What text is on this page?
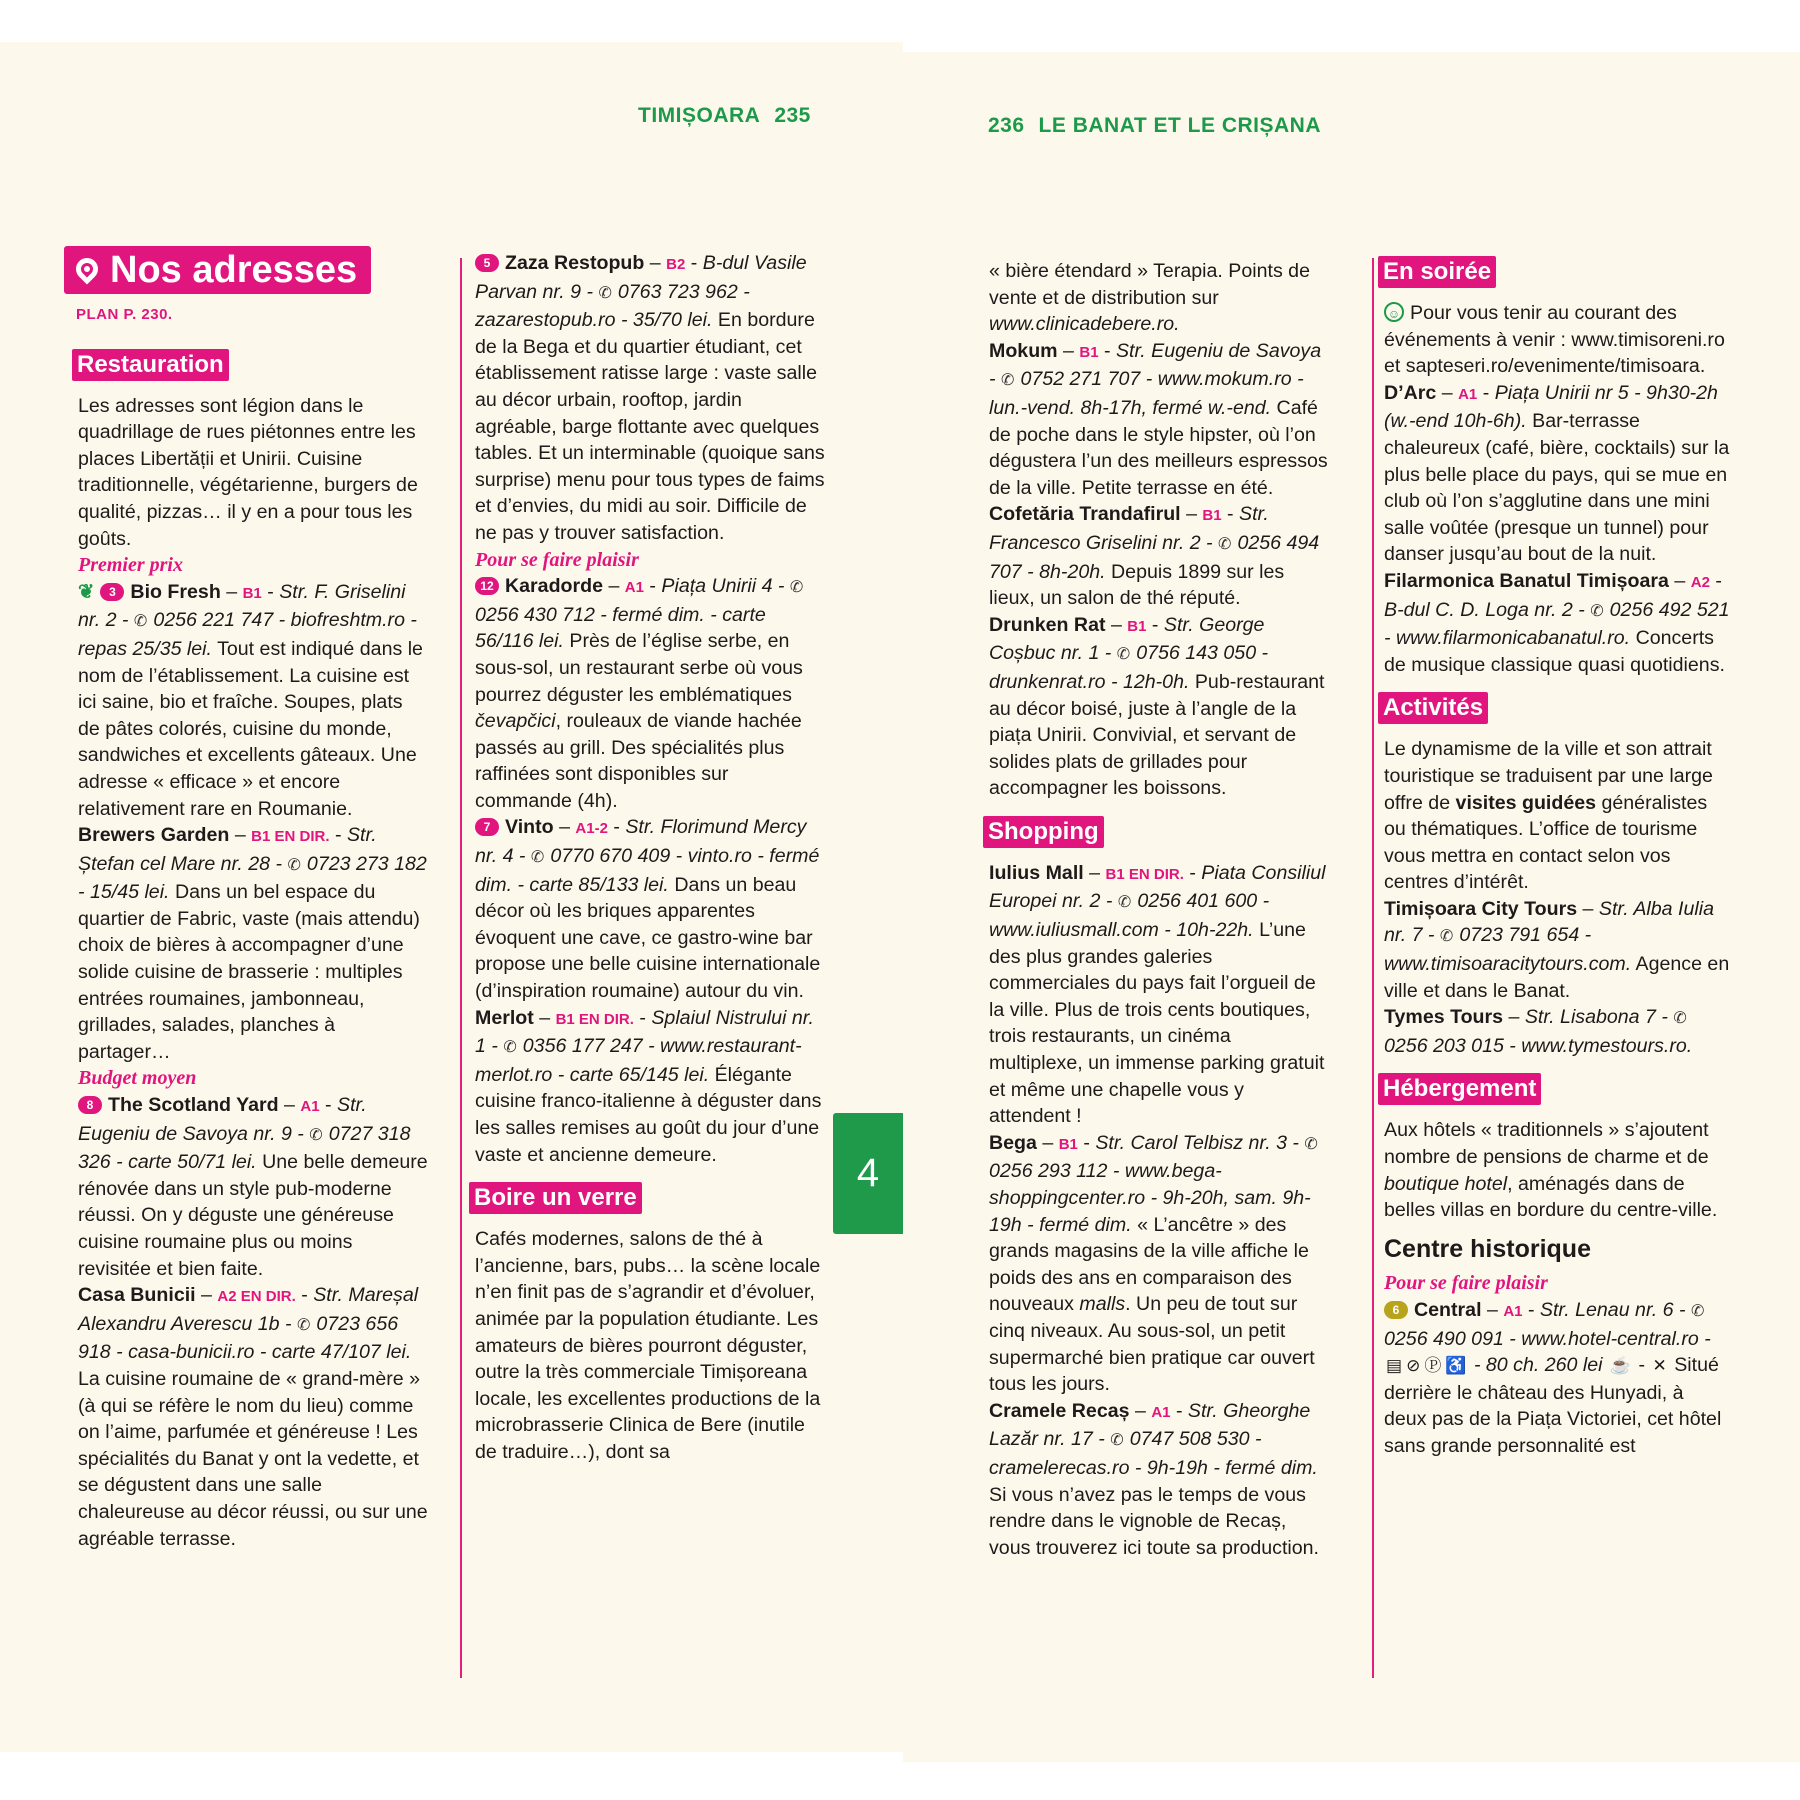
TIMIȘOARA 235	236 LE BANAT ET LE CRIȘANA
4
Nos adresses
PLAN P. 230.
Restauration

Les adresses sont légion dans le quadrillage de rues piétonnes entre les places Libertății et Unirii. Cuisine traditionnelle, végétarienne, burgers de qualité, pizzas… il y en a pour tous les goûts.

Premier prix

❦ 3 Bio Fresh – B1 - Str. F. Griselini nr. 2 - ✆ 0256 221 747 - biofreshtm.ro - repas 25/35 lei. Tout est indiqué dans le nom de l’établissement. La cuisine est ici saine, bio et fraîche. Soupes, plats de pâtes colorés, cuisine du monde, sandwiches et excellents gâteaux. Une adresse « efficace » et encore relativement rare en Roumanie.

Brewers Garden – B1 EN DIR. - Str. Ștefan cel Mare nr. 28 - ✆ 0723 273 182 - 15/45 lei. Dans un bel espace du quartier de Fabric, vaste (mais attendu) choix de bières à accompagner d’une solide cuisine de brasserie : multiples entrées roumaines, jambonneau, grillades, salades, planches à partager…

Budget moyen

8 The Scotland Yard – A1 - Str. Eugeniu de Savoya nr. 9 - ✆ 0727 318 326 - carte 50/71 lei. Une belle demeure rénovée dans un style pub-moderne réussi. On y déguste une généreuse cuisine roumaine plus ou moins revisitée et bien faite.

Casa Bunicii – A2 EN DIR. - Str. Mareșal Alexandru Averescu 1b - ✆ 0723 656 918 - casa-bunicii.ro - carte 47/107 lei. La cuisine roumaine de « grand-mère » (à qui se réfère le nom du lieu) comme on l’aime, parfumée et généreuse ! Les spécialités du Banat y ont la vedette, et se dégustent dans une salle chaleureuse au décor réussi, ou sur une agréable terrasse.

5 Zaza Restopub – B2 - B-dul Vasile Parvan nr. 9 - ✆ 0763 723 962 - zazarestopub.ro - 35/70 lei. En bordure de la Bega et du quartier étudiant, cet établissement ratisse large : vaste salle au décor urbain, rooftop, jardin agréable, barge flottante avec quelques tables. Et un interminable (quoique sans surprise) menu pour tous types de faims et d’envies, du midi au soir. Difficile de ne pas y trouver satisfaction.

Pour se faire plaisir

12 Karadorde – A1 - Piața Unirii 4 - ✆ 0256 430 712 - fermé dim. - carte 56/116 lei. Près de l’église serbe, en sous-sol, un restaurant serbe où vous pourrez déguster les emblématiques čevapčici, rouleaux de viande hachée passés au grill. Des spécialités plus raffinées sont disponibles sur commande (4h).

7 Vinto – A1-2 - Str. Florimund Mercy nr. 4 - ✆ 0770 670 409 - vinto.ro - fermé dim. - carte 85/133 lei. Dans un beau décor où les briques apparentes évoquent une cave, ce gastro-wine bar propose une belle cuisine internationale (d’inspiration roumaine) autour du vin.

Merlot – B1 EN DIR. - Splaiul Nistrului nr. 1 - ✆ 0356 177 247 - www.restaurant-merlot.ro - carte 65/145 lei. Élégante cuisine franco-italienne à déguster dans les salles remises au goût du jour d’une vaste et ancienne demeure.

Boire un verre

Cafés modernes, salons de thé à l’ancienne, bars, pubs… la scène locale n’en finit pas de s’agrandir et d’évoluer, animée par la population étudiante. Les amateurs de bières pourront déguster, outre la très commerciale Timișoreana locale, les excellentes productions de la microbrasserie Clinica de Bere (inutile de traduire…), dont sa

« bière étendard » Terapia. Points de vente et de distribution sur www.clinicadebere.ro.

Mokum – B1 - Str. Eugeniu de Savoya - ✆ 0752 271 707 - www.mokum.ro - lun.-vend. 8h-17h, fermé w.-end. Café de poche dans le style hipster, où l’on dégustera l’un des meilleurs espressos de la ville. Petite terrasse en été.

Cofetăria Trandafirul – B1 - Str. Francesco Griselini nr. 2 - ✆ 0256 494 707 - 8h-20h. Depuis 1899 sur les lieux, un salon de thé réputé.

Drunken Rat – B1 - Str. George Coșbuc nr. 1 - ✆ 0756 143 050 - drunkenrat.ro - 12h-0h. Pub-restaurant au décor boisé, juste à l’angle de la piața Unirii. Convivial, et servant de solides plats de grillades pour accompagner les boissons.

Shopping

Iulius Mall – B1 EN DIR. - Piata Consiliul Europei nr. 2 - ✆ 0256 401 600 - www.iuliusmall.com - 10h-22h. L’une des plus grandes galeries commerciales du pays fait l’orgueil de la ville. Plus de trois cents boutiques, trois restaurants, un cinéma multiplexe, un immense parking gratuit et même une chapelle vous y attendent !

Bega – B1 - Str. Carol Telbisz nr. 3 - ✆ 0256 293 112 - www.bega-shoppingcenter.ro - 9h-20h, sam. 9h-19h - fermé dim. « L’ancêtre » des grands magasins de la ville affiche le poids des ans en comparaison des nouveaux malls. Un peu de tout sur cinq niveaux. Au sous-sol, un petit supermarché bien pratique car ouvert tous les jours.

Cramele Recaș – A1 - Str. Gheorghe Lazăr nr. 17 - ✆ 0747 508 530 - cramelerecas.ro - 9h-19h - fermé dim. Si vous n’avez pas le temps de vous rendre dans le vignoble de Recaș, vous trouverez ici toute sa production.

En soirée

☺ Pour vous tenir au courant des événements à venir : www.timisoreni.ro et sapteseri.ro/evenimente/timisoara.

D’Arc – A1 - Piața Unirii nr 5 - 9h30-2h (w.-end 10h-6h). Bar-terrasse chaleureux (café, bière, cocktails) sur la plus belle place du pays, qui se mue en club où l’on s’agglutine dans une mini salle voûtée (presque un tunnel) pour danser jusqu’au bout de la nuit.

Filarmonica Banatul Timișoara – A2 - B-dul C. D. Loga nr. 2 - ✆ 0256 492 521 - www.filarmonicabanatul.ro. Concerts de musique classique quasi quotidiens.

Activités

Le dynamisme de la ville et son attrait touristique se traduisent par une large offre de visites guidées généralistes ou thématiques. L’office de tourisme vous mettra en contact selon vos centres d’intérêt.

Timișoara City Tours – Str. Alba Iulia nr. 7 - ✆ 0723 791 654 - www.timisoaracitytours.com. Agence en ville et dans le Banat.

Tymes Tours – Str. Lisabona 7 - ✆ 0256 203 015 - www.tymestours.ro.

Hébergement

Aux hôtels « traditionnels » s’ajoutent nombre de pensions de charme et de boutique hotel, aménagés dans de belles villas en bordure du centre-ville.

Centre historique

Pour se faire plaisir

6 Central – A1 - Str. Lenau nr. 6 - ✆ 0256 490 091 - www.hotel-central.ro - ▤ ⊘ Ⓟ ♿ - 80 ch. 260 lei ☕ - ✕ Situé derrière le château des Hunyadi, à deux pas de la Piața Victoriei, cet hôtel sans grande personnalité est
